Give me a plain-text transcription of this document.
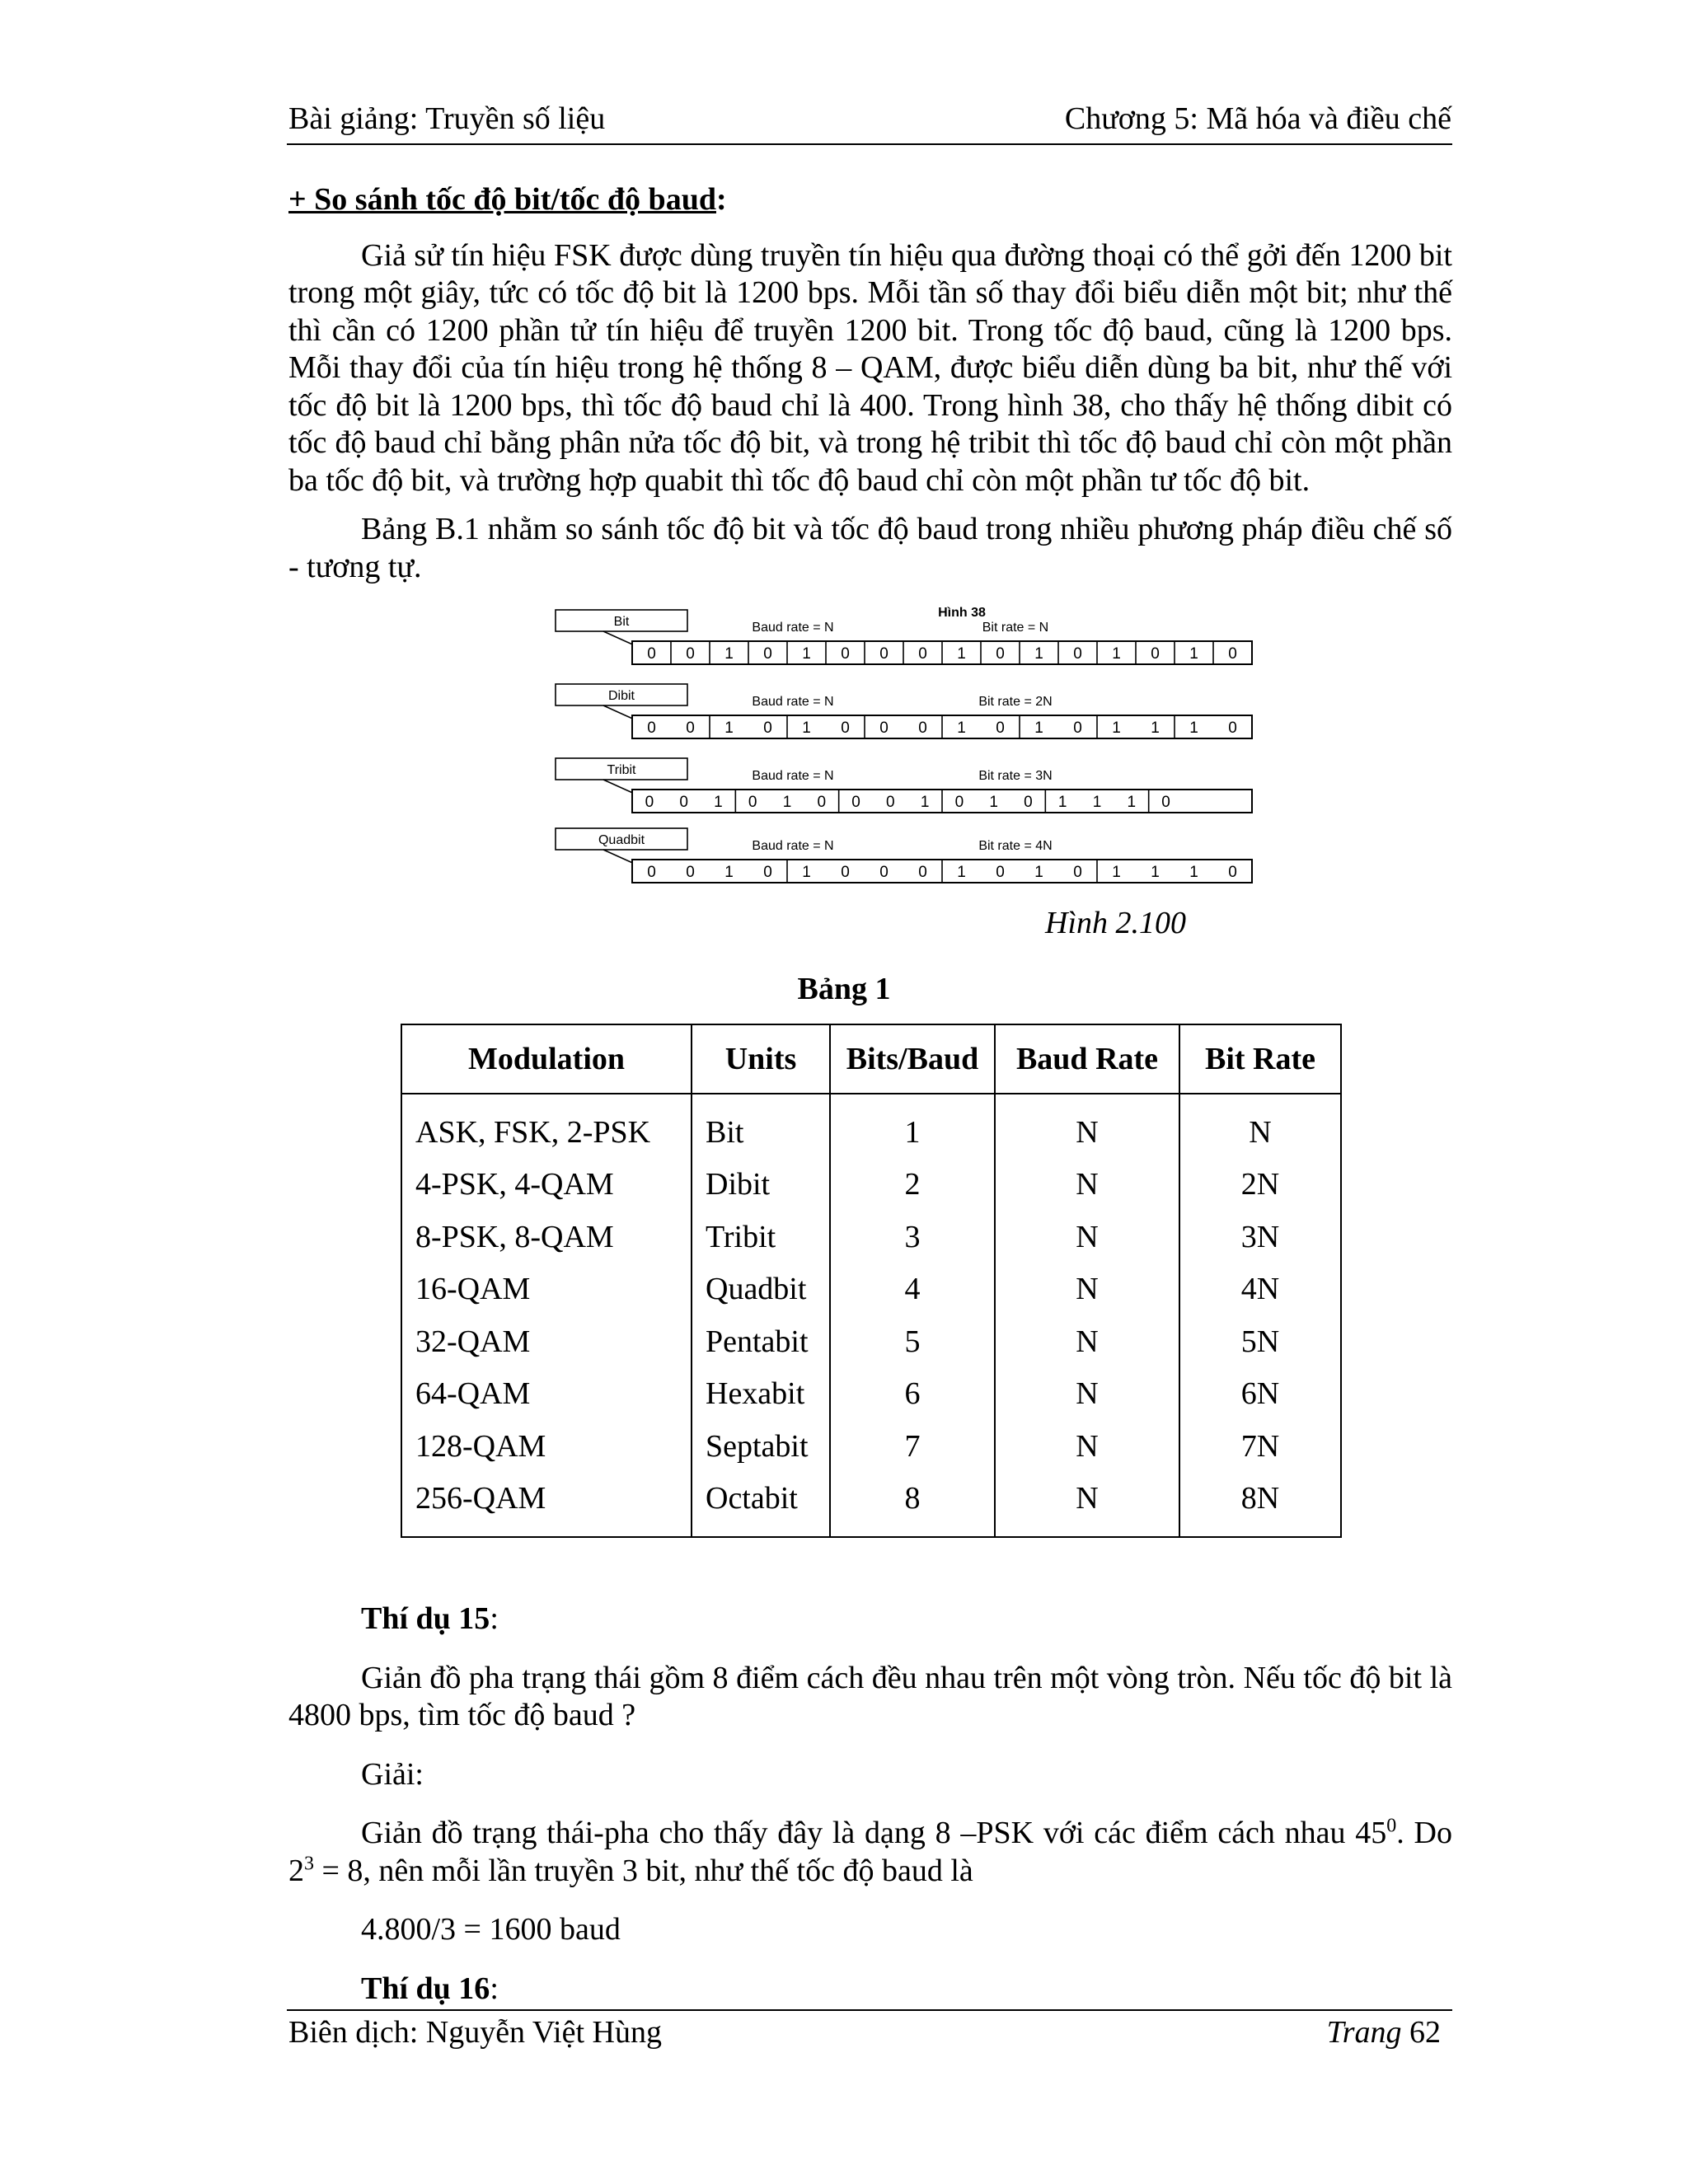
Bài giảng: Truyền số liệu	Chương 5: Mã hóa và điều chế

+ So sánh tốc độ bit/tốc độ baud:

Giả sử tín hiệu FSK được dùng truyền tín hiệu qua đường thoại có thể gởi đến 1200 bit trong một giây, tức có tốc độ bit là 1200 bps. Mỗi tần số thay đổi biểu diễn một bit; như thế thì cần có 1200 phần tử tín hiệu để truyền 1200 bit. Trong tốc độ baud, cũng là 1200 bps. Mỗi thay đổi của tín hiệu trong hệ thống 8 – QAM, được biểu diễn dùng ba bit, như thế với tốc độ bit là 1200 bps, thì tốc độ baud chỉ là 400. Trong hình 38, cho thấy hệ thống dibit có tốc độ baud chỉ bằng phân nửa tốc độ bit, và trong hệ tribit thì tốc độ baud chỉ còn một phần ba tốc độ bit, và trường hợp quabit thì tốc độ baud chỉ còn một phần tư tốc độ bit.

Bảng B.1 nhằm so sánh tốc độ bit và tốc độ baud trong nhiều phương pháp điều chế số - tương tự.

Hình 38
Bit	Baud rate = N	Bit rate = N
0 0 1 0 1 0 0 0 1 0 1 0 1 0 1 0
Dibit	Baud rate = N	Bit rate = 2N
0 0 1 0 1 0 0 0 1 0 1 0 1 1 1 0
Tribit	Baud rate = N	Bit rate = 3N
0 0 1 0 1 0 0 0 1 0 1 0 1 1 1 0
Quadbit	Baud rate = N	Bit rate = 4N
0 0 1 0 1 0 0 0 1 0 1 0 1 1 1 0
Hình 2.100
Bảng 1
Modulation	Units	Bits/Baud	Baud Rate	Bit Rate
ASK, FSK, 2-PSK	Bit	1	N	N
4-PSK, 4-QAM	Dibit	2	N	2N
8-PSK, 8-QAM	Tribit	3	N	3N
16-QAM	Quadbit	4	N	4N
32-QAM	Pentabit	5	N	5N
64-QAM	Hexabit	6	N	6N
128-QAM	Septabit	7	N	7N
256-QAM	Octabit	8	N	8N

Thí dụ 15:

Giản đồ pha trạng thái gồm 8 điểm cách đều nhau trên một vòng tròn. Nếu tốc độ bit là 4800 bps, tìm tốc độ baud ?

Giải:

Giản đồ trạng thái-pha cho thấy đây là dạng 8 –PSK với các điểm cách nhau $45^0$. Do $2^3 = 8$, nên mỗi lần truyền 3 bit, như thế tốc độ baud là

4.800/3 = 1600 baud

Thí dụ 16:

Biên dịch: Nguyễn Việt Hùng	Trang 62
